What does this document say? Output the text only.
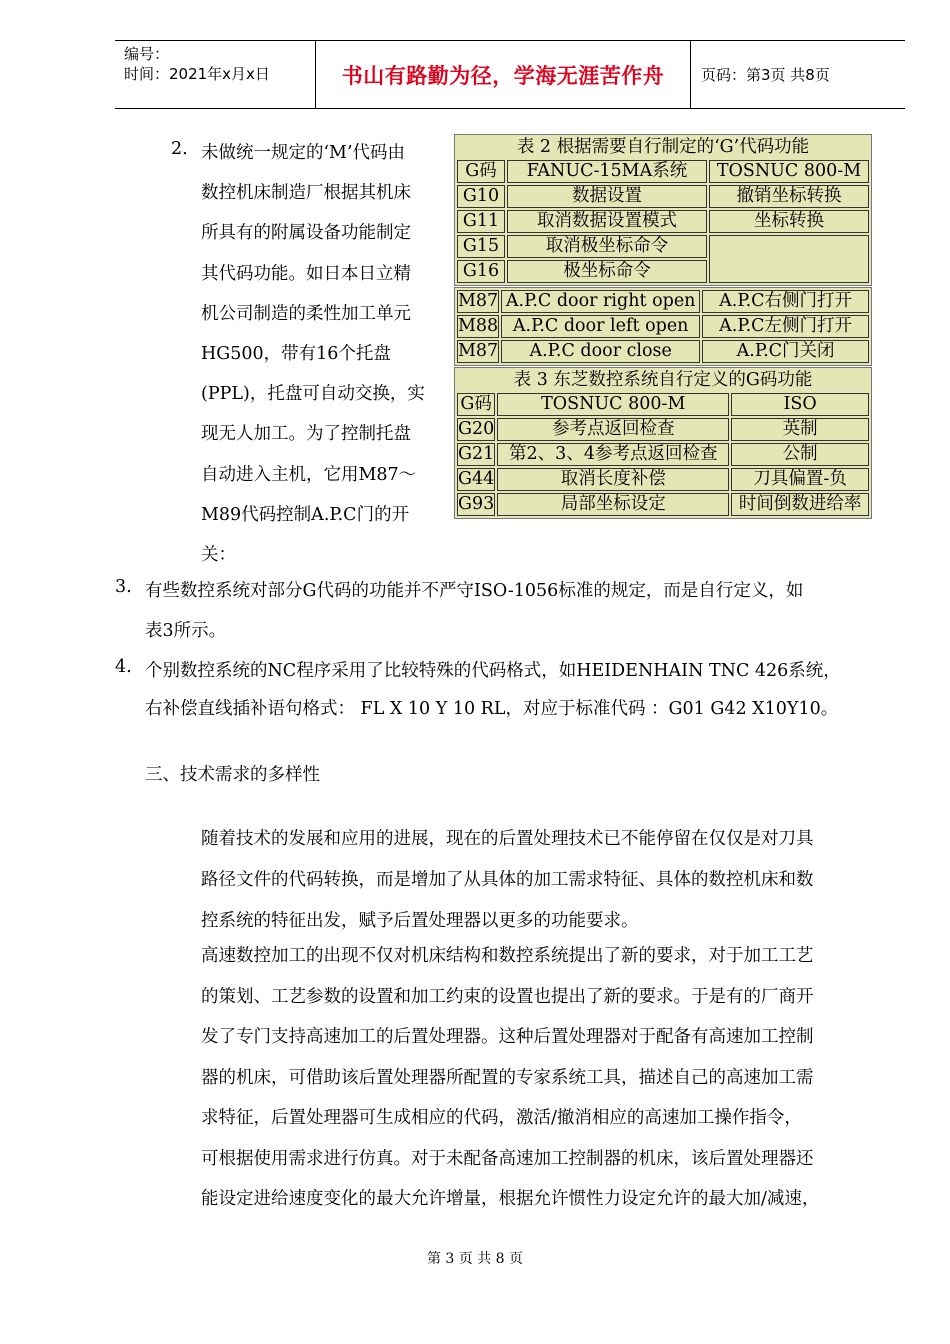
编号：
时间：2021年x月x日	书山有路勤为径，学海无涯苦作舟	页码：第3页 共8页
2. 未做统一规定的‘M’代码由
数控机床制造厂根据其机床
所具有的附属设备功能制定
其代码功能。如日本日立精
机公司制造的柔性加工单元
HG500，带有16个托盘
(PPL)，托盘可自动交换，实
现无人加工。为了控制托盘
自动进入主机，它用M87～
M89代码控制A.P.C门的开
关：
表 2 根据需要自行制定的‘G’代码功能		
G码	FANUC-15MA系统	TOSNUC 800-M
G10	数据设置	撤销坐标转换
G11	取消数据设置模式	坐标转换
G15	取消极坐标命令	
G16	极坐标命令	
M87	A.P.C door right open	A.P.C右侧门打开
M88	A.P.C door left open	A.P.C左侧门打开
M87	A.P.C door close	A.P.C门关闭
表 3 东芝数控系统自行定义的G码功能		
G码	TOSNUC 800-M	ISO
G20	参考点返回检查	英制
G21	第2、3、4参考点返回检查	公制
G44	取消长度补偿	刀具偏置-负
G93	局部坐标设定	时间倒数进给率
3. 有些数控系统对部分G代码的功能并不严守ISO-1056标准的规定，而是自行定义，如
表3所示。
4. 个别数控系统的NC程序采用了比较特殊的代码格式，如HEIDENHAIN TNC 426系统，
右补偿直线插补语句格式： FL X 10 Y 10 RL，对应于标准代码 ：G01 G42 X10Y10。
三、技术需求的多样性
随着技术的发展和应用的进展，现在的后置处理技术已不能停留在仅仅是对刀具
路径文件的代码转换，而是增加了从具体的加工需求特征、具体的数控机床和数
控系统的特征出发，赋予后置处理器以更多的功能要求。
高速数控加工的出现不仅对机床结构和数控系统提出了新的要求，对于加工工艺
的策划、工艺参数的设置和加工约束的设置也提出了新的要求。于是有的厂商开
发了专门支持高速加工的后置处理器。这种后置处理器对于配备有高速加工控制
器的机床，可借助该后置处理器所配置的专家系统工具，描述自己的高速加工需
求特征，后置处理器可生成相应的代码，激活/撤消相应的高速加工操作指令，
可根据使用需求进行仿真。对于未配备高速加工控制器的机床，该后置处理器还
能设定进给速度变化的最大允许增量，根据允许惯性力设定允许的最大加/减速，
第 3 页 共 8 页
